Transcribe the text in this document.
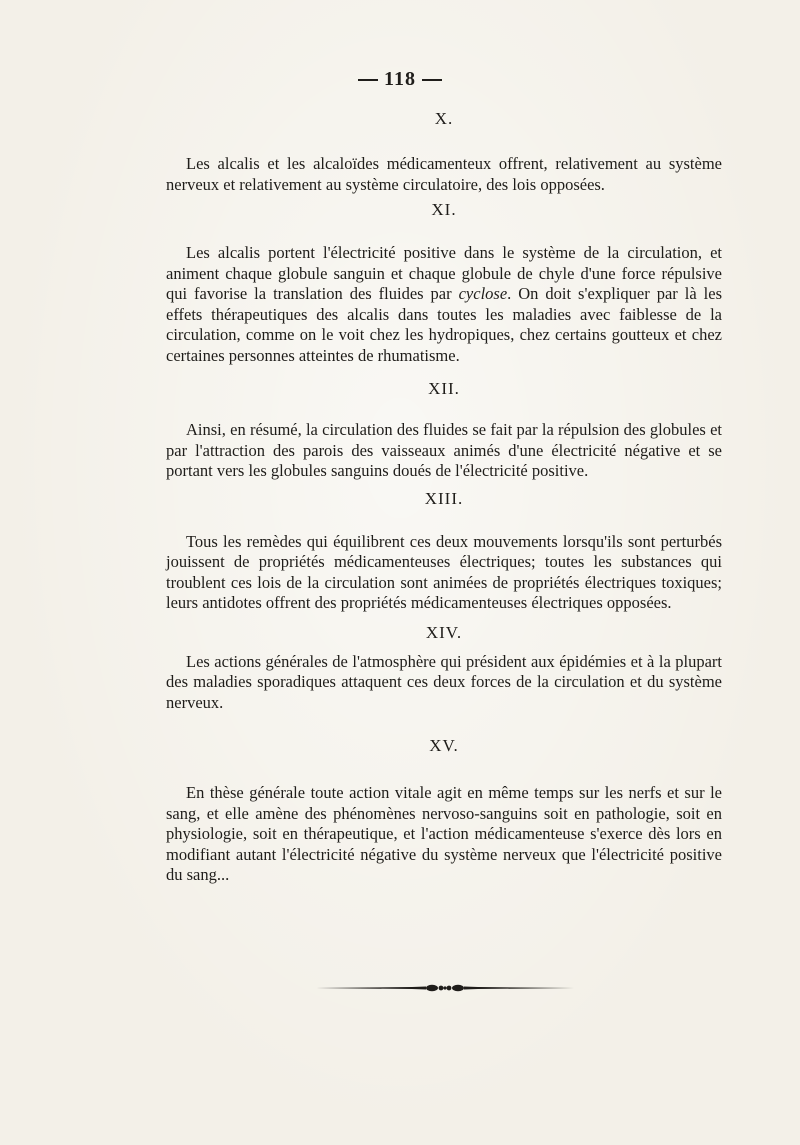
118
X.

Les alcalis et les alcaloïdes médicamenteux offrent, relativement au système nerveux et relativement au système circulatoire, des lois opposées.

XI.

Les alcalis portent l'électricité positive dans le système de la circulation, et animent chaque globule sanguin et chaque globule de chyle d'une force répulsive qui favorise la translation des fluides par cyclose. On doit s'expliquer par là les effets thérapeutiques des alcalis dans toutes les maladies avec faiblesse de la circulation, comme on le voit chez les hydropiques, chez certains goutteux et chez certaines personnes atteintes de rhumatisme.

XII.

Ainsi, en résumé, la circulation des fluides se fait par la répulsion des globules et par l'attraction des parois des vaisseaux animés d'une électricité négative et se portant vers les globules sanguins doués de l'électricité positive.

XIII.

Tous les remèdes qui équilibrent ces deux mouvements lorsqu'ils sont perturbés jouissent de propriétés médicamenteuses électriques; toutes les substances qui troublent ces lois de la circulation sont animées de propriétés électriques toxiques; leurs antidotes offrent des propriétés médicamenteuses électriques opposées.

XIV.

Les actions générales de l'atmosphère qui président aux épidémies et à la plupart des maladies sporadiques attaquent ces deux forces de la circulation et du système nerveux.

XV.

En thèse générale toute action vitale agit en même temps sur les nerfs et sur le sang, et elle amène des phénomènes nervoso-sanguins soit en pathologie, soit en physiologie, soit en thérapeutique, et l'action médicamenteuse s'exerce dès lors en modifiant autant l'électricité négative du système nerveux que l'électricité positive du sang...
